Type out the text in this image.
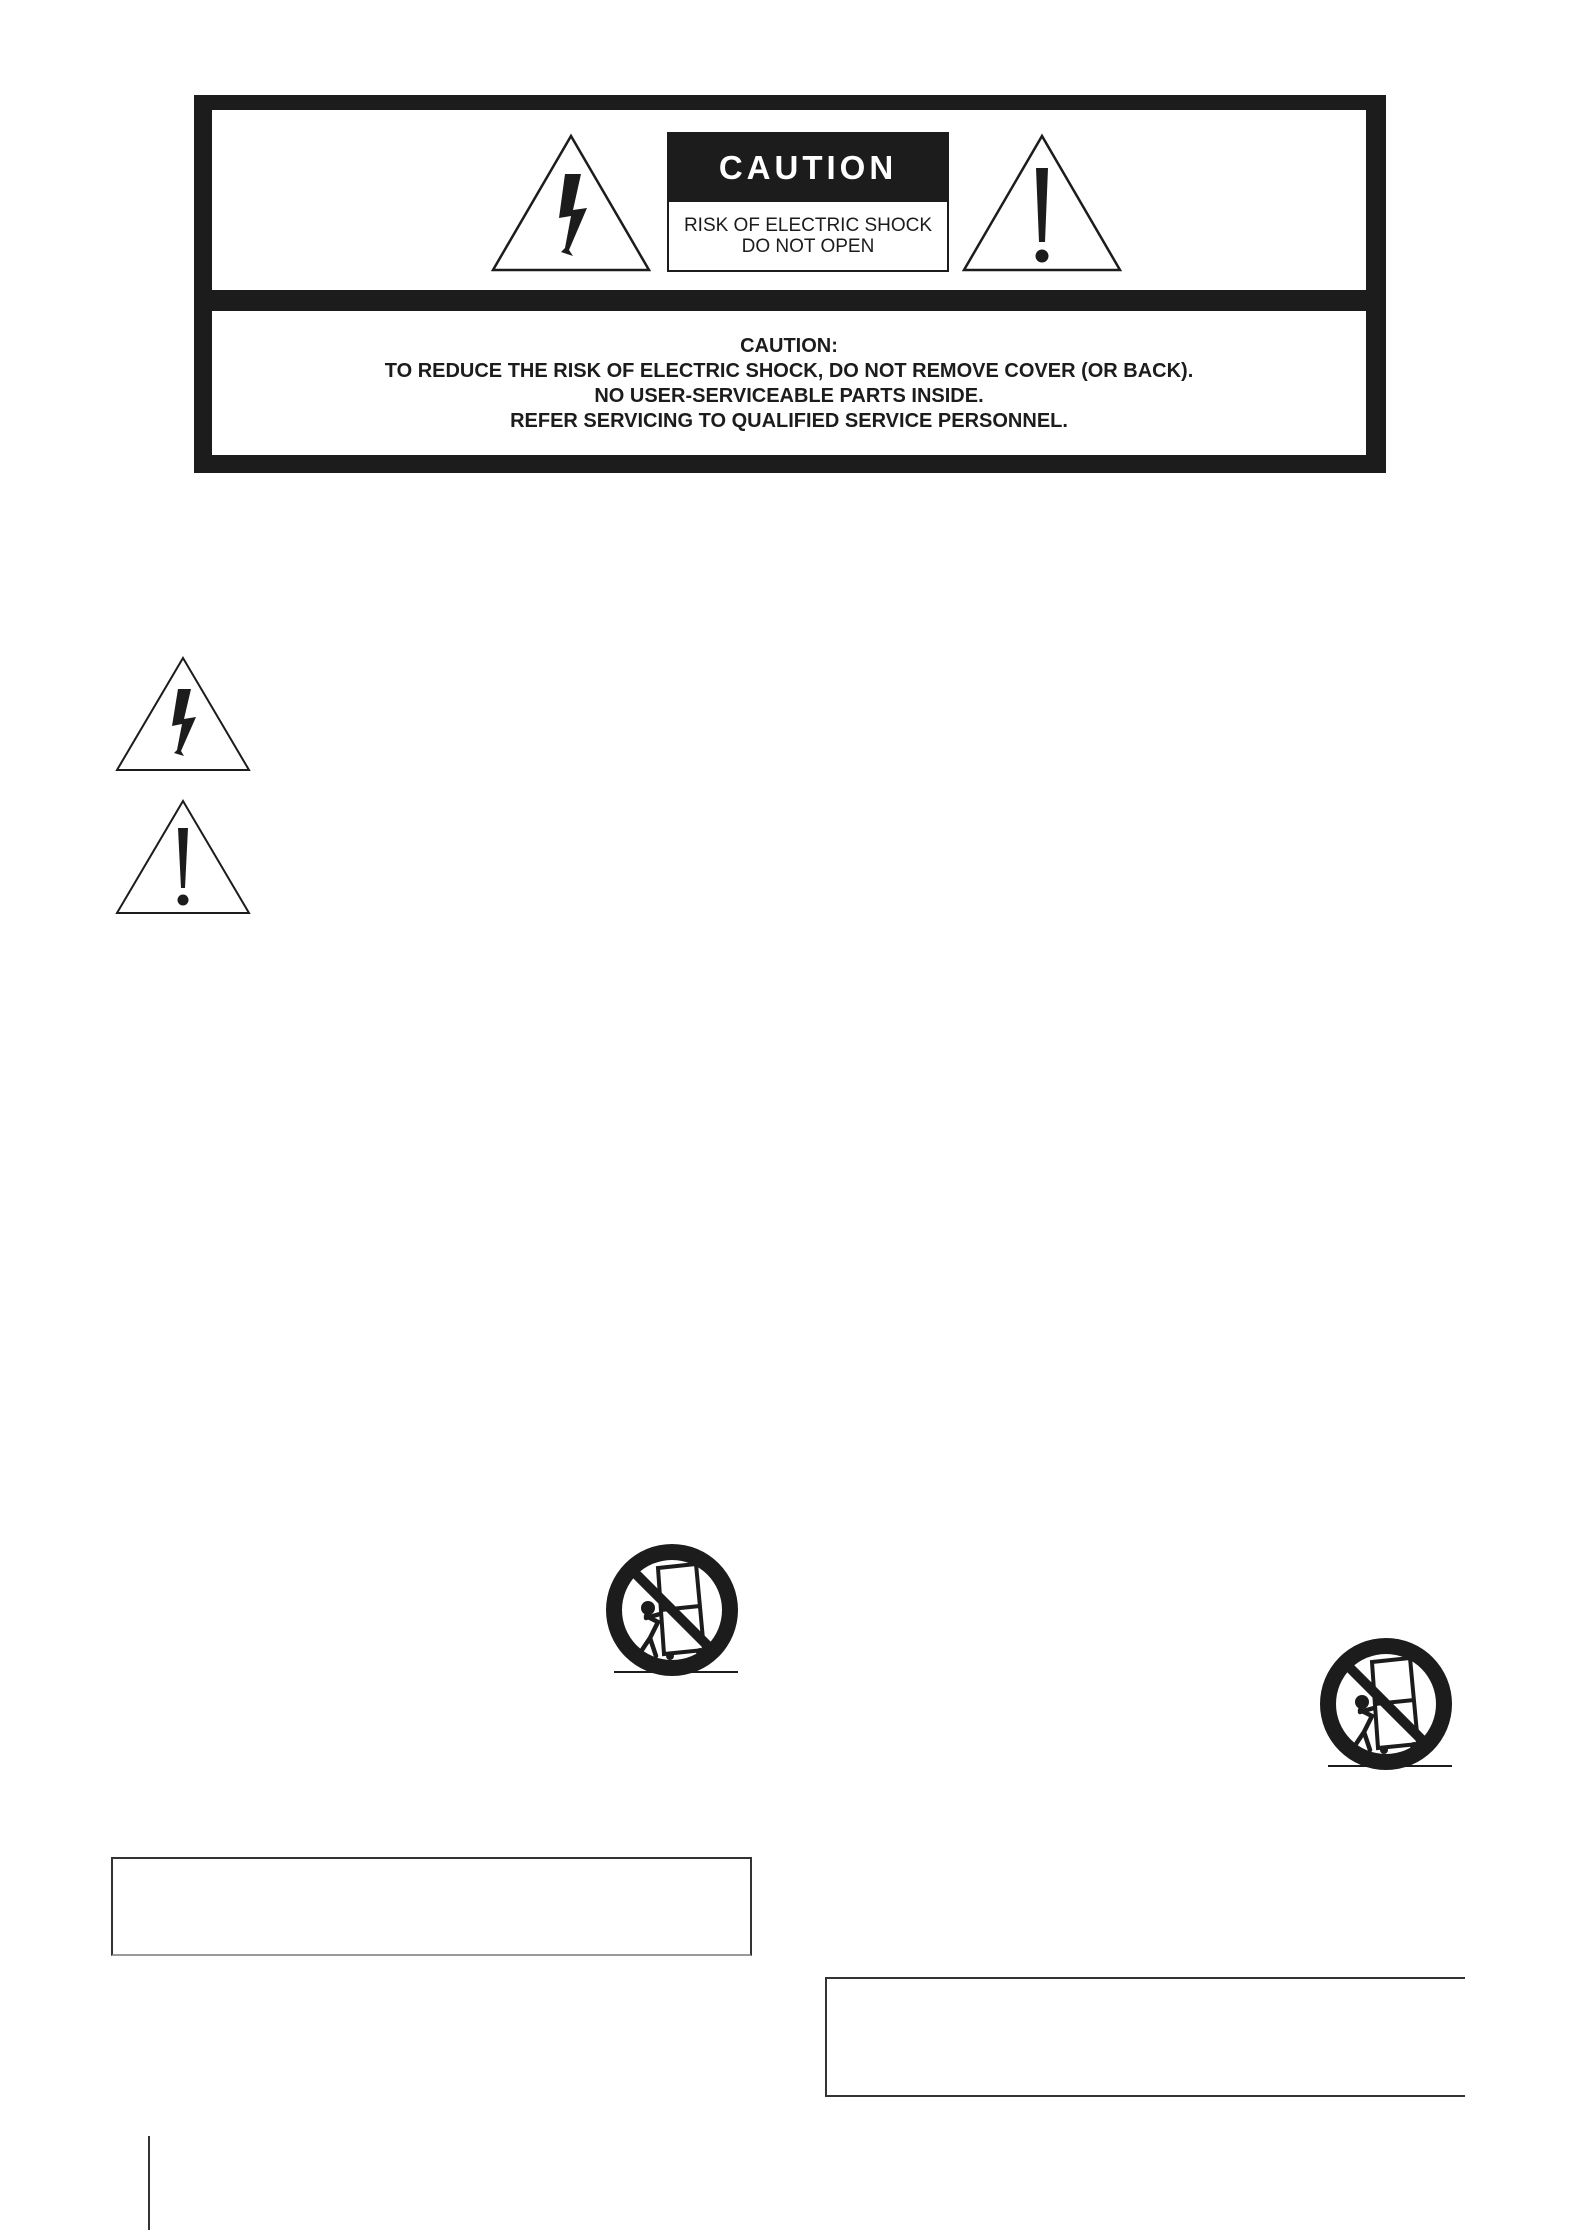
CAUTION
RISK OF ELECTRIC SHOCK
DO NOT OPEN
CAUTION:
TO REDUCE THE RISK OF ELECTRIC SHOCK, DO NOT REMOVE COVER (OR BACK).
NO USER-SERVICEABLE PARTS INSIDE.
REFER SERVICING TO QUALIFIED SERVICE PERSONNEL.
